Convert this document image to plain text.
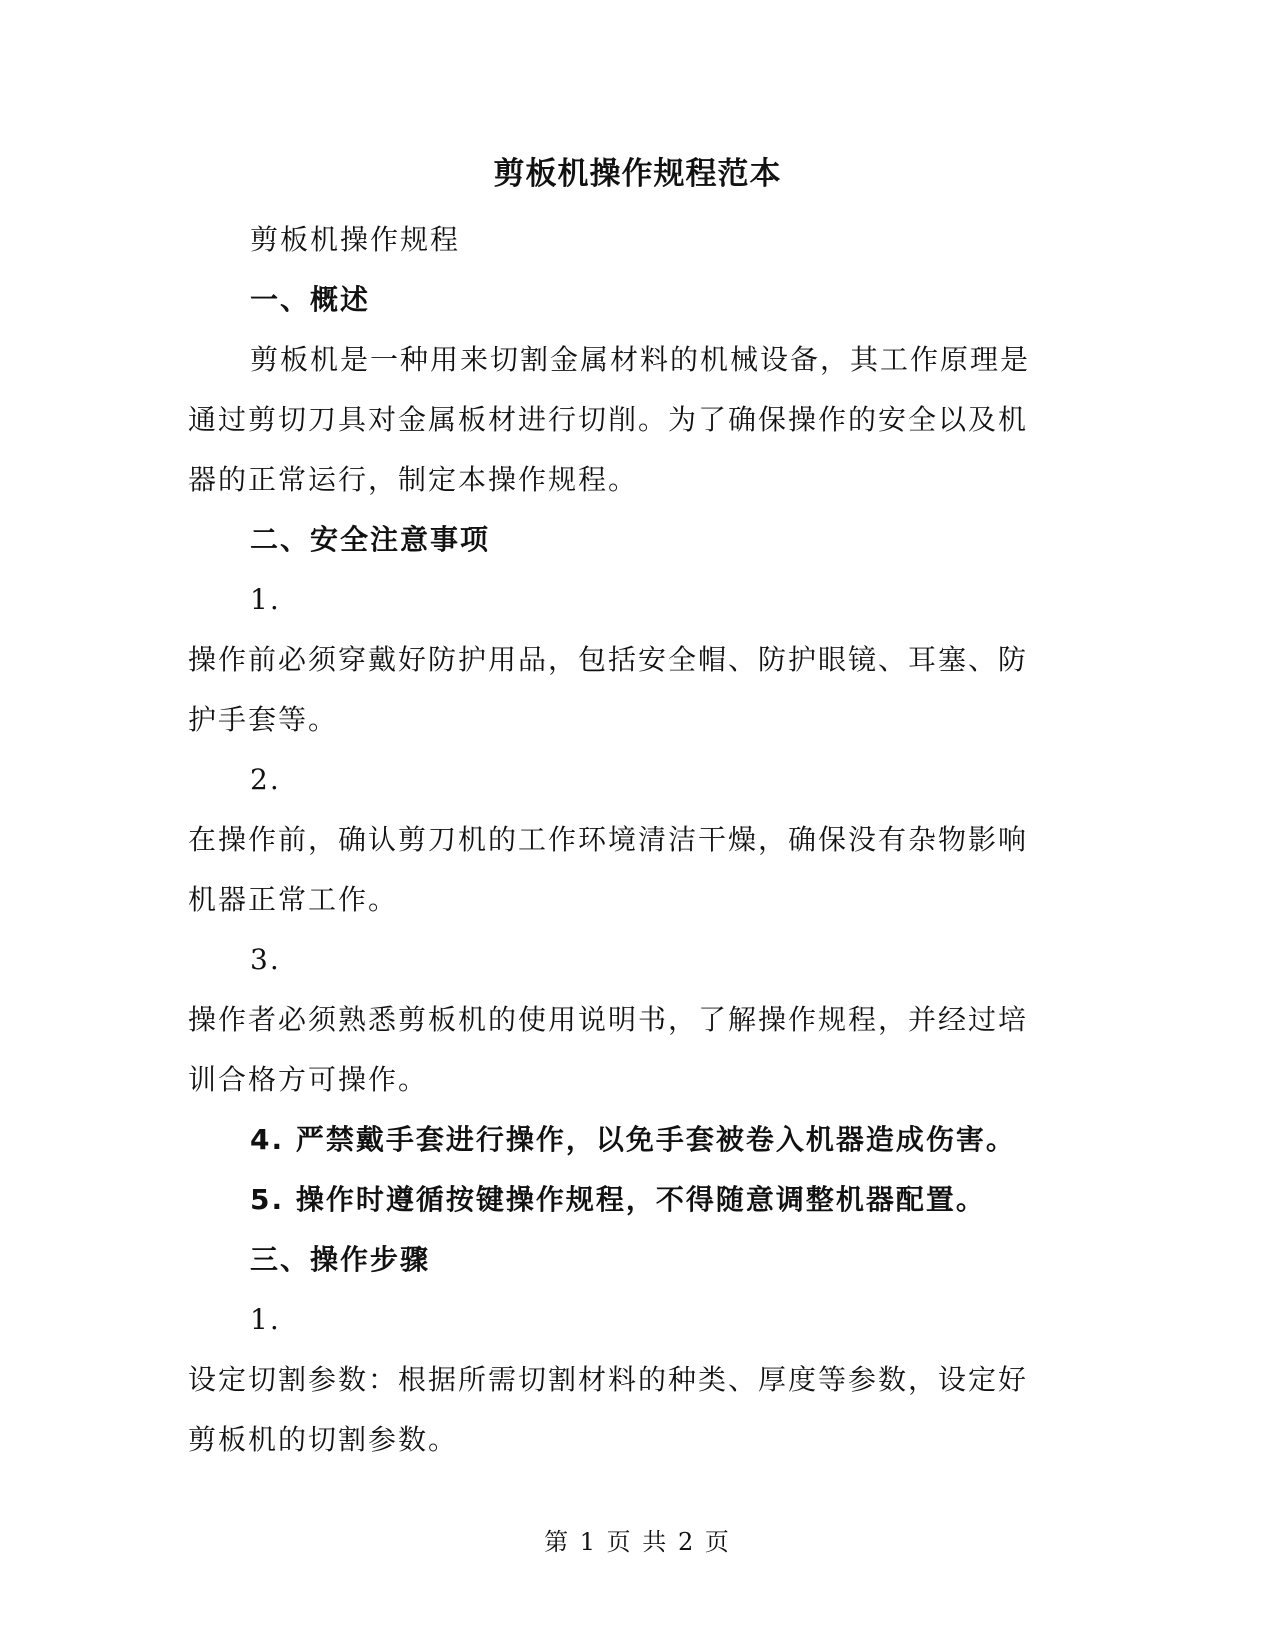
剪板机操作规程范本

剪板机操作规程

一、概述

剪板机是一种用来切割金属材料的机械设备，其工作原理是通过剪切刀具对金属板材进行切削。为了确保操作的安全以及机器的正常运行，制定本操作规程。

二、安全注意事项

1.

操作前必须穿戴好防护用品，包括安全帽、防护眼镜、耳塞、防护手套等。

2.

在操作前，确认剪刀机的工作环境清洁干燥，确保没有杂物影响机器正常工作。

3.

操作者必须熟悉剪板机的使用说明书，了解操作规程，并经过培训合格方可操作。

4. 严禁戴手套进行操作，以免手套被卷入机器造成伤害。

5. 操作时遵循按键操作规程，不得随意调整机器配置。

三、操作步骤

1.

设定切割参数：根据所需切割材料的种类、厚度等参数，设定好剪板机的切割参数。

第 1 页 共 2 页
